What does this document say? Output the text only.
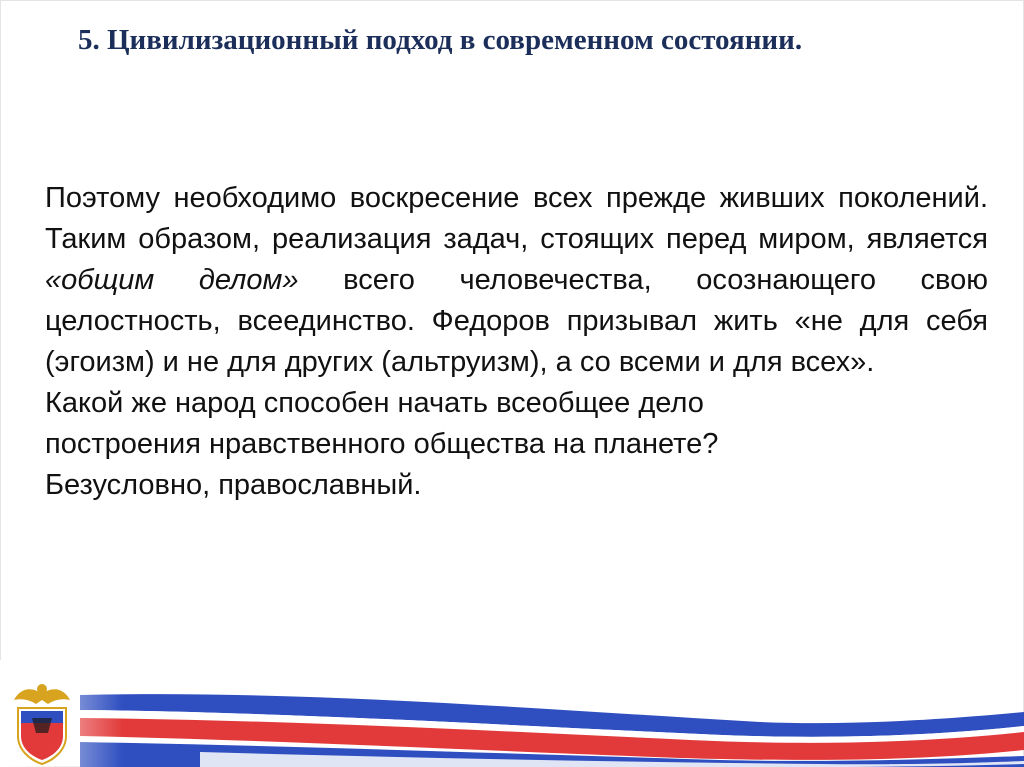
5. Цивилизационный подход в современном состоянии.
Поэтому необходимо воскресение всех прежде живших поколений. Таким образом, реализация задач, стоящих перед миром, является «общим делом» всего человечества, осознающего свою целостность, всеединство. Федоров призывал жить «не для себя (эгоизм) и не для других (альтруизм), а со всеми и для всех».
Какой же народ способен начать всеобщее дело
построения нравственного общества на планете?
Безусловно, православный.
